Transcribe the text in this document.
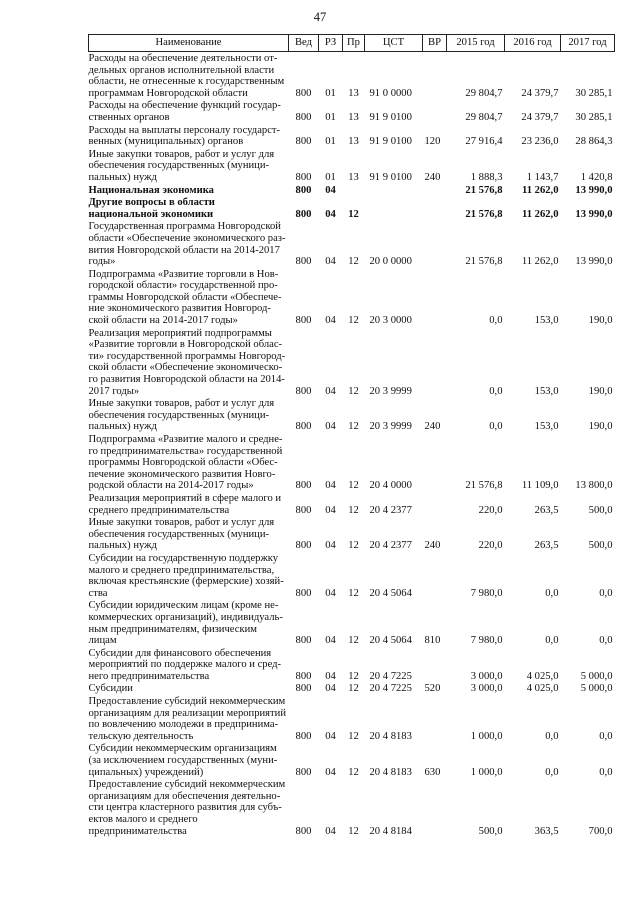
47
Наименование	Вед	РЗ	Пр	ЦСТ	ВР	2015 год	2016 год	2017 год
Расходы на обеспечение деятельности от-дельных органов исполнительной власти области, не отнесенные к государственным программам Новгородской области	800	01	13	91 0 0000		29 804,7	24 379,7	30 285,1
Расходы на обеспечение функций государ-ственных органов	800	01	13	91 9 0100		29 804,7	24 379,7	30 285,1
Расходы на выплаты персоналу государст-венных (муниципальных) органов	800	01	13	91 9 0100	120	27 916,4	23 236,0	28 864,3
Иные закупки товаров, работ и услуг для обеспечения государственных (муници-пальных) нужд	800	01	13	91 9 0100	240	1 888,3	1 143,7	1 420,8
Национальная экономика	800	04				21 576,8	11 262,0	13 990,0
Другие вопросы в области национальной экономики	800	04	12			21 576,8	11 262,0	13 990,0
Государственная программа Новгородской области «Обеспечение экономического раз-вития Новгородской области на 2014-2017 годы»	800	04	12	20 0 0000		21 576,8	11 262,0	13 990,0
Подпрограмма «Развитие торговли в Нов-городской области» государственной про-граммы Новгородской области «Обеспече-ние экономического развития Новгород-ской области на 2014-2017 годы»	800	04	12	20 3 0000		0,0	153,0	190,0
Реализация мероприятий подпрограммы «Развитие торговли в Новгородской облас-ти» государственной программы Новгород-ской области «Обеспечение экономическо-го развития Новгородской области на 2014-2017 годы»	800	04	12	20 3 9999		0,0	153,0	190,0
Иные закупки товаров, работ и услуг для обеспечения государственных (муници-пальных) нужд	800	04	12	20 3 9999	240	0,0	153,0	190,0
Подпрограмма «Развитие малого и средне-го предпринимательства» государственной программы Новгородской области «Обес-печение экономического развития Новго-родской области на 2014-2017 годы»	800	04	12	20 4 0000		21 576,8	11 109,0	13 800,0
Реализация мероприятий в сфере малого и среднего предпринимательства	800	04	12	20 4 2377		220,0	263,5	500,0
Иные закупки товаров, работ и услуг для обеспечения государственных (муници-пальных) нужд	800	04	12	20 4 2377	240	220,0	263,5	500,0
Субсидии на государственную поддержку малого и среднего предпринимательства, включая крестьянские (фермерские) хозяй-ства	800	04	12	20 4 5064		7 980,0	0,0	0,0
Субсидии юридическим лицам (кроме не-коммерческих организаций), индивидуаль-ным предпринимателям, физическим лицам	800	04	12	20 4 5064	810	7 980,0	0,0	0,0
Субсидии для финансового обеспечения мероприятий по поддержке малого и сред-него предпринимательства	800	04	12	20 4 7225		3 000,0	4 025,0	5 000,0
Субсидии	800	04	12	20 4 7225	520	3 000,0	4 025,0	5 000,0
Предоставление субсидий некоммерческим организациям для реализации мероприятий по вовлечению молодежи в предпринима-тельскую деятельность	800	04	12	20 4 8183		1 000,0	0,0	0,0
Субсидии некоммерческим организациям (за исключением государственных (муни-ципальных) учреждений)	800	04	12	20 4 8183	630	1 000,0	0,0	0,0
Предоставление субсидий некоммерческим организациям для обеспечения деятельно-сти центра кластерного развития для субъ-ектов малого и среднего предпринимательства	800	04	12	20 4 8184		500,0	363,5	700,0
